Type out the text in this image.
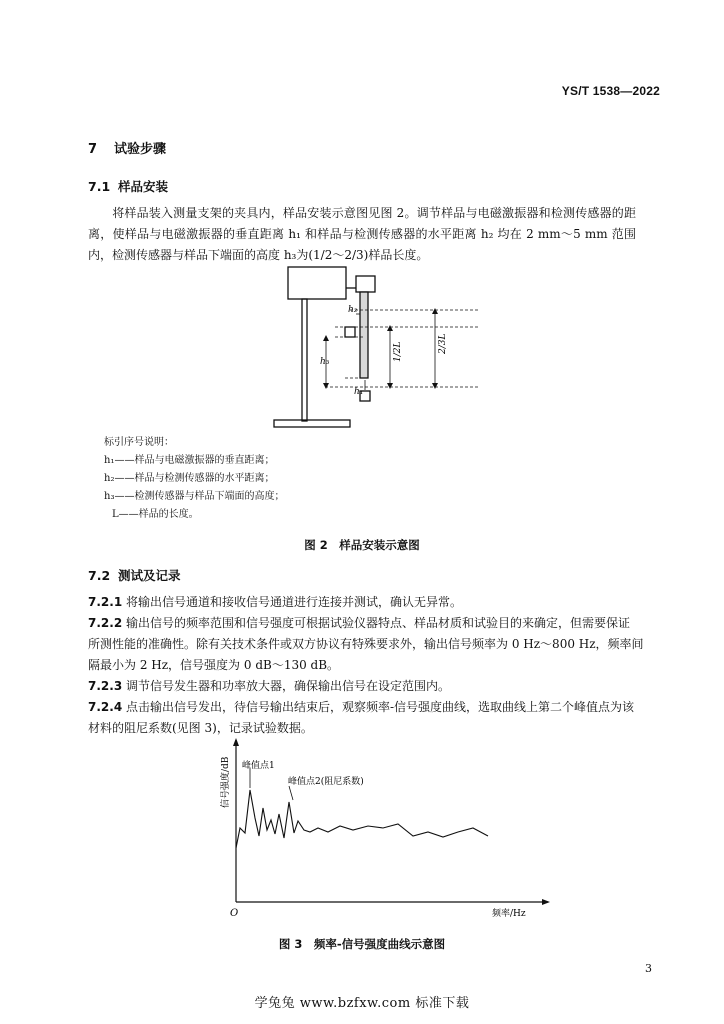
YS/T 1538—2022
7 试验步骤
7.1 样品安装
将样品装入测量支架的夹具内，样品安装示意图见图 2。调节样品与电磁激振器和检测传感器的距离，使样品与电磁激振器的垂直距离 h₁ 和样品与检测传感器的水平距离 h₂ 均在 2 mm～5 mm 范围内，检测传感器与样品下端面的高度 h₃为(1/2～2/3)样品长度。
h₃
h₂
h₁
1/2L	2/3L
标引序号说明：
h₁——样品与电磁激振器的垂直距离；
h₂——样品与检测传感器的水平距离；
h₃——检测传感器与样品下端面的高度；
L——样品的长度。
图 2　样品安装示意图
7.2 测试及记录
7.2.1 将输出信号通道和接收信号通道进行连接并测试，确认无异常。
7.2.2 输出信号的频率范围和信号强度可根据试验仪器特点、样品材质和试验目的来确定，但需要保证
所测性能的准确性。除有关技术条件或双方协议有特殊要求外，输出信号频率为 0 Hz～800 Hz，频率间
隔最小为 2 Hz，信号强度为 0 dB～130 dB。
7.2.3 调节信号发生器和功率放大器，确保输出信号在设定范围内。
7.2.4 点击输出信号发出，待信号输出结束后，观察频率-信号强度曲线，选取曲线上第二个峰值点为该
材料的阻尼系数(见图 3)，记录试验数据。
峰值点1
峰值点2(阻尼系数)
O	频率/Hz
信号强度/dB
图 3　频率-信号强度曲线示意图
3
学兔兔 www.bzfxw.com 标准下载
